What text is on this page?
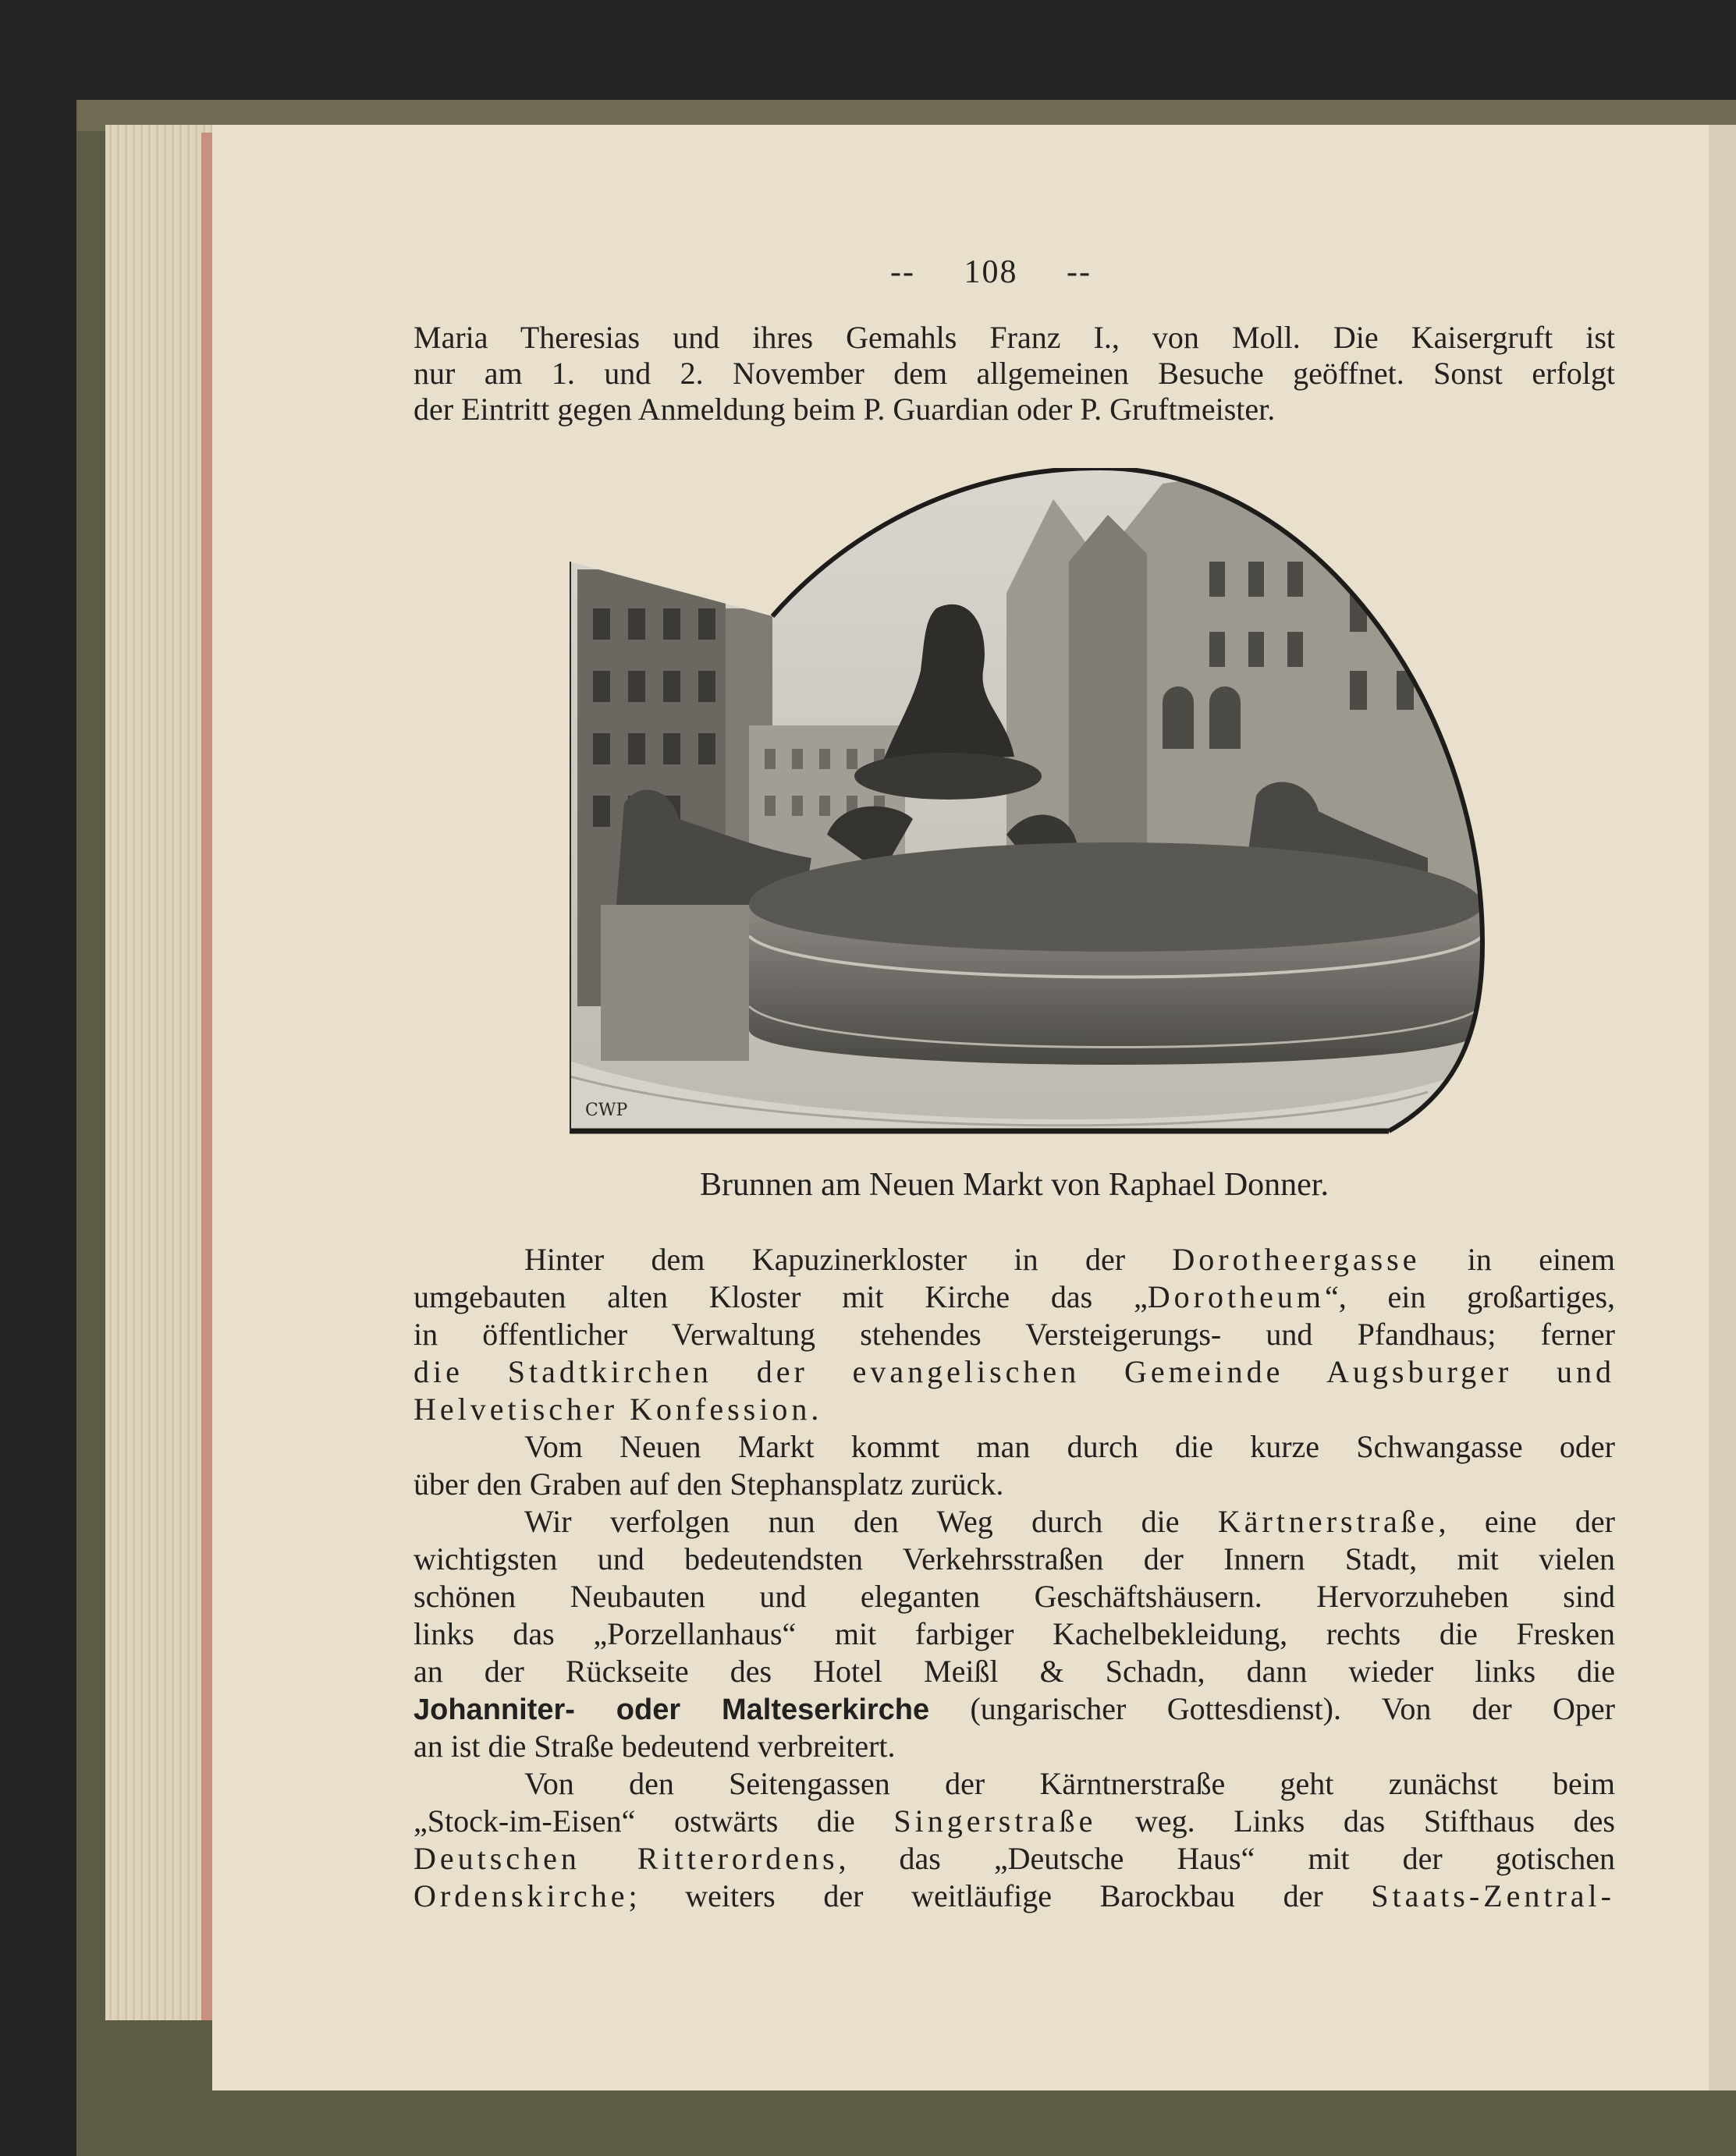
-- 108 --
Maria Theresias und ihres Gemahls Franz I., von Moll. Die Kaisergruft ist
nur am 1. und 2. November dem allgemeinen Besuche geöffnet. Sonst erfolgt
der Eintritt gegen Anmeldung beim P. Guardian oder P. Gruftmeister.
CWP
Brunnen am Neuen Markt von Raphael Donner.
Hinter dem Kapuzinerkloster in der Dorotheergasse in einem
umgebauten alten Kloster mit Kirche das „Dorotheum“, ein großartiges,
in öffentlicher Verwaltung stehendes Versteigerungs- und Pfandhaus; ferner
die Stadtkirchen der evangelischen Gemeinde Augsburger und
Helvetischer Konfession.
Vom Neuen Markt kommt man durch die kurze Schwangasse oder
über den Graben auf den Stephansplatz zurück.
Wir verfolgen nun den Weg durch die Kärtnerstraße, eine der
wichtigsten und bedeutendsten Verkehrsstraßen der Innern Stadt, mit vielen
schönen Neubauten und eleganten Geschäftshäusern. Hervorzuheben sind
links das „Porzellanhaus“ mit farbiger Kachelbekleidung, rechts die Fresken
an der Rückseite des Hotel Meißl & Schadn, dann wieder links die
Johanniter- oder Malteserkirche (ungarischer Gottesdienst). Von der Oper
an ist die Straße bedeutend verbreitert.
Von den Seitengassen der Kärntnerstraße geht zunächst beim
„Stock-im-Eisen“ ostwärts die Singerstraße weg. Links das Stifthaus des
Deutschen Ritterordens, das „Deutsche Haus“ mit der gotischen
Ordenskirche; weiters der weitläufige Barockbau der Staats-Zentral-
